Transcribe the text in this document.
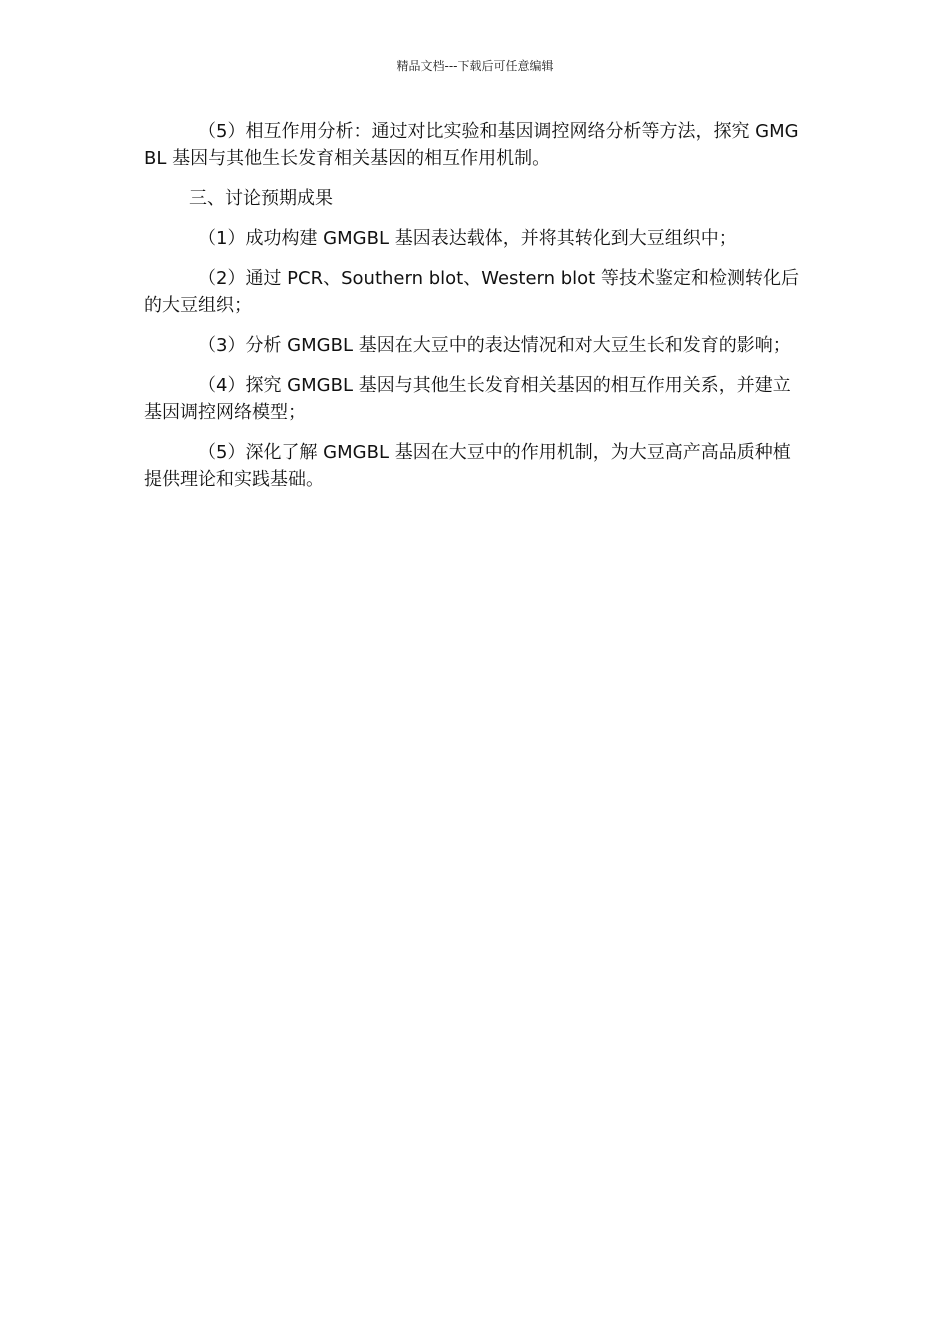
精品文档---下载后可任意编辑

（5）相互作用分析：通过对比实验和基因调控网络分析等方法，探究 GMGBL 基因与其他生长发育相关基因的相互作用机制。

三、讨论预期成果

（1）成功构建 GMGBL 基因表达载体，并将其转化到大豆组织中；

（2）通过 PCR、Southern blot、Western blot 等技术鉴定和检测转化后的大豆组织；

（3）分析 GMGBL 基因在大豆中的表达情况和对大豆生长和发育的影响；

（4）探究 GMGBL 基因与其他生长发育相关基因的相互作用关系，并建立基因调控网络模型；

（5）深化了解 GMGBL 基因在大豆中的作用机制，为大豆高产高品质种植提供理论和实践基础。
